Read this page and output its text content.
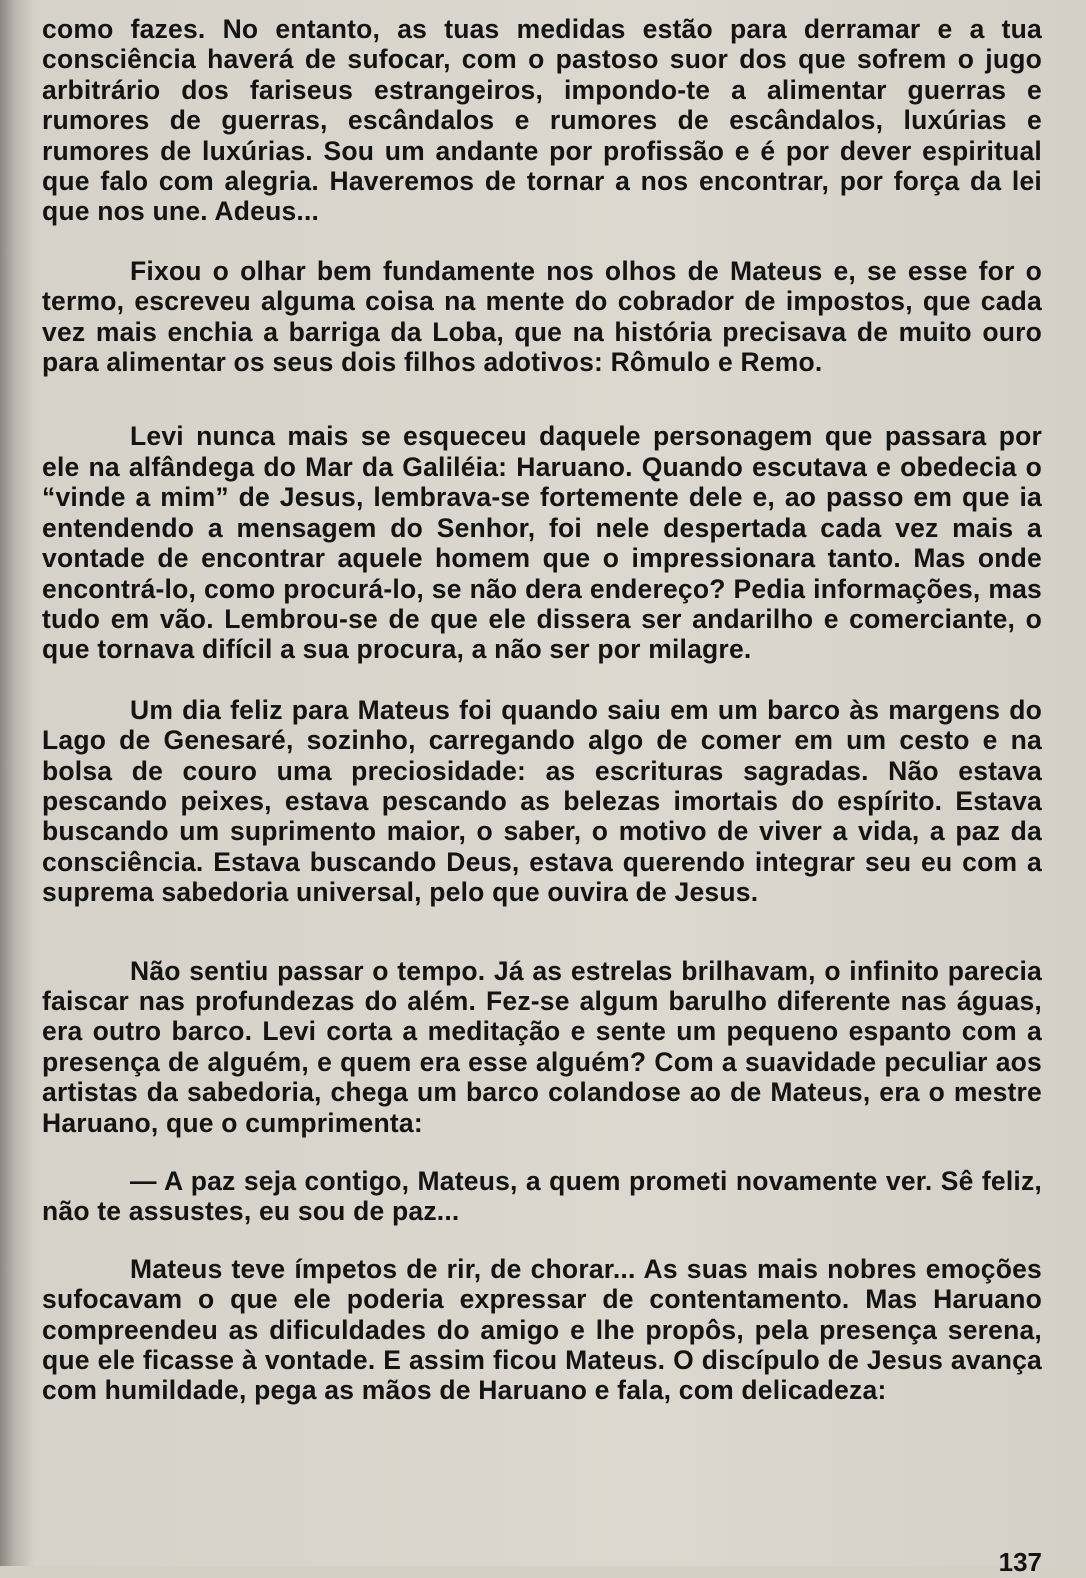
como fazes. No entanto, as tuas medidas estão para derramar e a tua consciência haverá de sufocar, com o pastoso suor dos que sofrem o jugo arbitrário dos fariseus estrangeiros, impondo-te a alimentar guerras e rumores de guerras, escândalos e rumores de escândalos, luxúrias e rumores de luxúrias. Sou um andante por profissão e é por dever espiritual que falo com alegria. Haveremos de tornar a nos encontrar, por força da lei que nos une. Adeus...

Fixou o olhar bem fundamente nos olhos de Mateus e, se esse for o termo, escreveu alguma coisa na mente do cobrador de impostos, que cada vez mais enchia a barriga da Loba, que na história precisava de muito ouro para alimentar os seus dois filhos adotivos: Rômulo e Remo.

Levi nunca mais se esqueceu daquele personagem que passara por ele na alfândega do Mar da Galiléia: Haruano. Quando escutava e obedecia o “vinde a mim” de Jesus, lembrava-se fortemente dele e, ao passo em que ia entendendo a mensagem do Senhor, foi nele despertada cada vez mais a vontade de encontrar aquele homem que o impressionara tanto. Mas onde encontrá-lo, como procurá-lo, se não dera endereço? Pedia informações, mas tudo em vão. Lembrou-se de que ele dissera ser andarilho e comerciante, o que tornava difícil a sua procura, a não ser por milagre.

Um dia feliz para Mateus foi quando saiu em um barco às margens do Lago de Genesaré, sozinho, carregando algo de comer em um cesto e na bolsa de couro uma preciosidade: as escrituras sagradas. Não estava pescando peixes, estava pescando as belezas imortais do espírito. Estava buscando um suprimento maior, o saber, o motivo de viver a vida, a paz da consciência. Estava buscando Deus, estava querendo integrar seu eu com a suprema sabedoria universal, pelo que ouvira de Jesus.

Não sentiu passar o tempo. Já as estrelas brilhavam, o infinito parecia faiscar nas profundezas do além. Fez-se algum barulho diferente nas águas, era outro barco. Levi corta a meditação e sente um pequeno espanto com a presença de alguém, e quem era esse alguém? Com a suavidade peculiar aos artistas da sabedoria, chega um barco colandose ao de Mateus, era o mestre Haruano, que o cumprimenta:

— A paz seja contigo, Mateus, a quem prometi novamente ver. Sê feliz, não te assustes, eu sou de paz...

Mateus teve ímpetos de rir, de chorar... As suas mais nobres emoções sufocavam o que ele poderia expressar de contentamento. Mas Haruano compreendeu as dificuldades do amigo e lhe propôs, pela presença serena, que ele ficasse à vontade. E assim ficou Mateus. O discípulo de Jesus avança com humildade, pega as mãos de Haruano e fala, com delicadeza:

137
